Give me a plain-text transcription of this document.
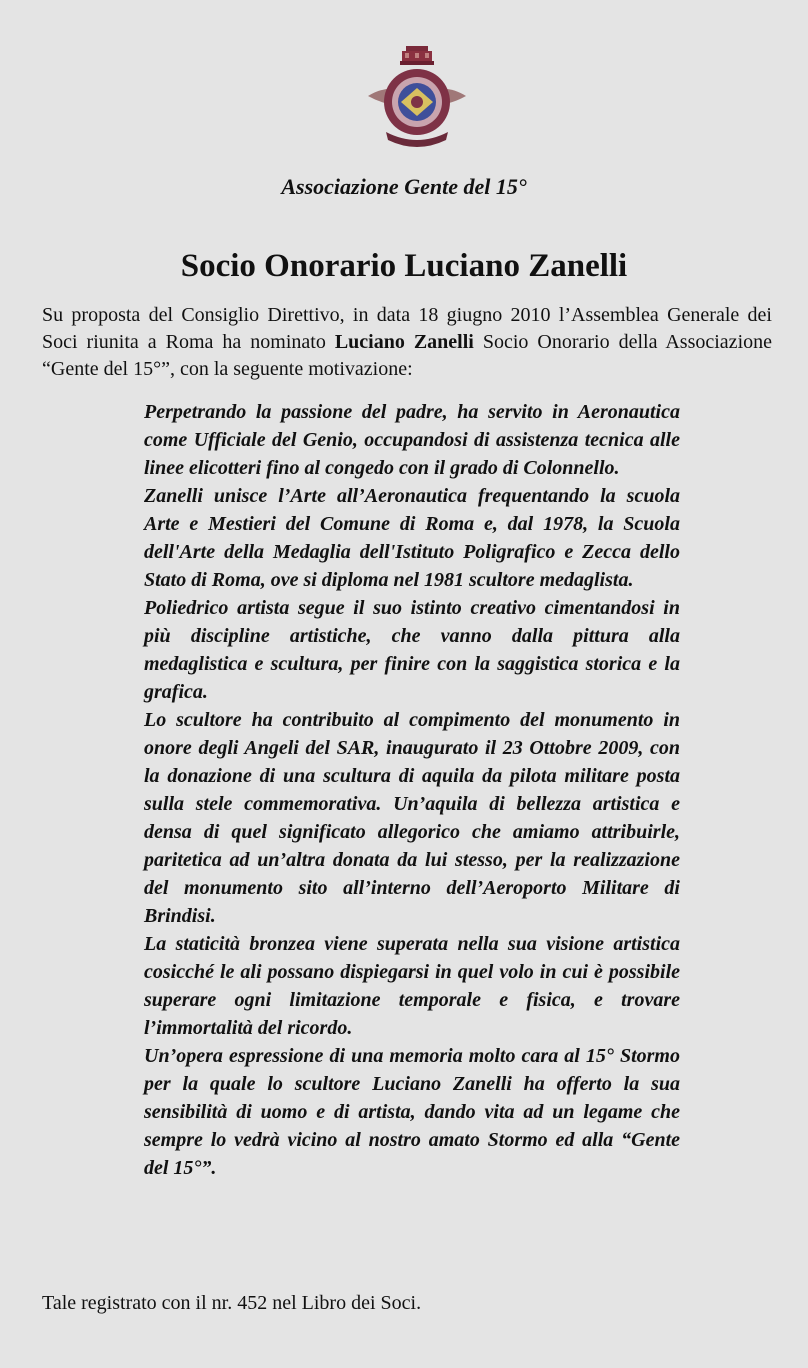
Associazione Gente del 15°

Socio Onorario Luciano Zanelli

Su proposta del Consiglio Direttivo, in data 18 giugno 2010 l’Assemblea Generale dei Soci riunita a Roma ha nominato Luciano Zanelli Socio Onorario della Associazione “Gente del 15°”, con la seguente motivazione:

Perpetrando la passione del padre, ha servito in Aeronautica come Ufficiale del Genio, occupandosi di assistenza tecnica alle linee elicotteri fino al congedo con il grado di Colonnello.

Zanelli unisce l’Arte all’Aeronautica frequentando la scuola Arte e Mestieri del Comune di Roma e, dal 1978, la Scuola dell'Arte della Medaglia dell'Istituto Poligrafico e Zecca dello Stato di Roma, ove si diploma nel 1981 scultore medaglista.

Poliedrico artista segue il suo istinto creativo cimentandosi in più discipline artistiche, che vanno dalla pittura alla medaglistica e scultura, per finire con la saggistica storica e la grafica.

Lo scultore ha contribuito al compimento del monumento in onore degli Angeli del SAR, inaugurato il 23 Ottobre 2009, con la donazione di una scultura di aquila da pilota militare posta sulla stele commemorativa. Un’aquila di bellezza artistica e densa di quel significato allegorico che amiamo attribuirle, paritetica ad un’altra donata da lui stesso, per la realizzazione del monumento sito all’interno dell’Aeroporto Militare di Brindisi.

La staticità bronzea viene superata nella sua visione artistica cosicché le ali possano dispiegarsi in quel volo in cui è possibile superare ogni limitazione temporale e fisica, e trovare l’immortalità del ricordo.

Un’opera espressione di una memoria molto cara al 15° Stormo per la quale lo scultore Luciano Zanelli ha offerto la sua sensibilità di uomo e di artista, dando vita ad un legame che sempre lo vedrà vicino al nostro amato Stormo ed alla “Gente del 15°”.

Tale registrato con il nr. 452 nel Libro dei Soci.
